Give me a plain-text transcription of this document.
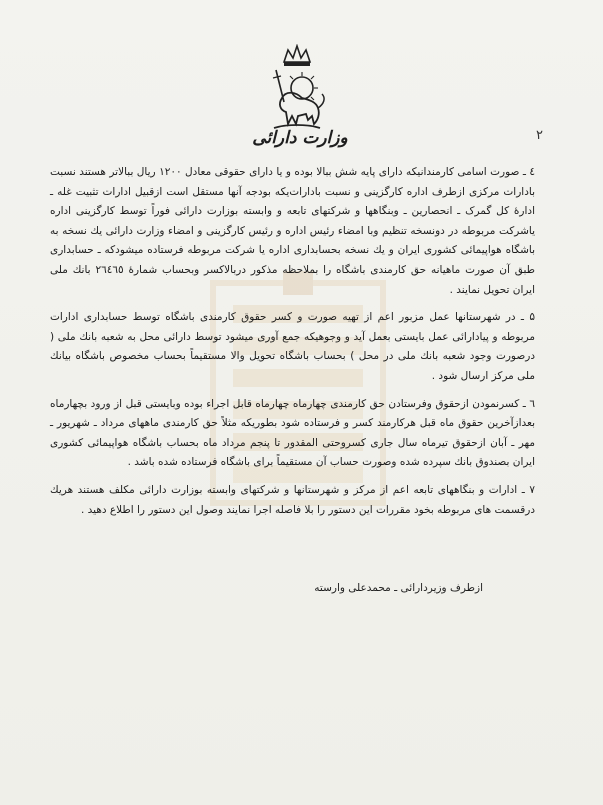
وزارت دارائی	۲

٤ ـ صورت اسامی کارمندانیکه دارای پایه شش ببالا بوده و یا دارای حقوقی معادل ۱۲۰۰ ریال ببالاتر هستند نسبت بادارات مرکزی ازطرف اداره کارگزینی و نسبت بادارات‌یکه بودجه آنها مستقل است ازقبیل ادارات تثبیت غله ـ ادارهٔ کل گمرک ـ انحصارین ـ وبنگاهها و شرکتهای تابعه و وابسته بوزارت دارائی فوراً توسط کارگزینی اداره یاشرکت مربوطه در دونسخه تنظیم وبا امضاء رئیس اداره و رئیس کارگزینی و امضاء وزارت دارائی یك نسخه به باشگاه هواپیمائی کشوری ایران و یك نسخه بحسابداری اداره یا شرکت مربوطه فرستاده میشودکه ـ حسابداری طبق آن صورت ماهیانه حق کارمندی باشگاه را بملاحظه مذکور دربالاکسر وبحساب شمارهٔ ۲٦٤٦٥ بانك ملی ایران تحویل نمایند .

۵ ـ در شهرستانها عمل مزبور اعم از تهیه صورت و کسر حقوق کارمندی باشگاه توسط حسابداری ادارات مربوطه و پیادارائی عمل بایستی بعمل آید و وجوهیکه جمع آوری میشود توسط دارائی محل به شعبه بانك ملی ( درصورت وجود شعبه بانك ملی در محل ) بحساب باشگاه تحویل والا مستقیماً بحساب مخصوص باشگاه بیانك ملی مرکز ارسال شود .

٦ ـ کسرنمودن ازحقوق وفرستادن حق کارمندی چهارماه چهارماه قابل اجراء بوده وبایستی قبل از ورود بچهارماه بعدازآخرین حقوق ماه قبل هرکارمند کسر و فرستاده شود بطوریکه مثلاً حق کارمندی ماههای مرداد ـ شهریور ـ مهر ـ آبان ازحقوق تیرماه سال جاری کسروحتی‌ المقدور تا پنجم مرداد ماه بحساب باشگاه هواپیمائی کشوری ایران بصندوق بانك سپرده شده وصورت حساب آن مستقیماً برای باشگاه فرستاده شده باشد .

۷ ـ ادارات و بنگاههای تابعه اعم از مرکز و شهرستانها و شرکتهای وابسته بوزارت دارائی مکلف هستند هریك درقسمت های مربوطه بخود مقررات این دستور را بلا فاصله اجرا نمایند وصول این دستور را اطلاع دهید .

ازطرف وزیردارائی ـ محمدعلی وارسته
